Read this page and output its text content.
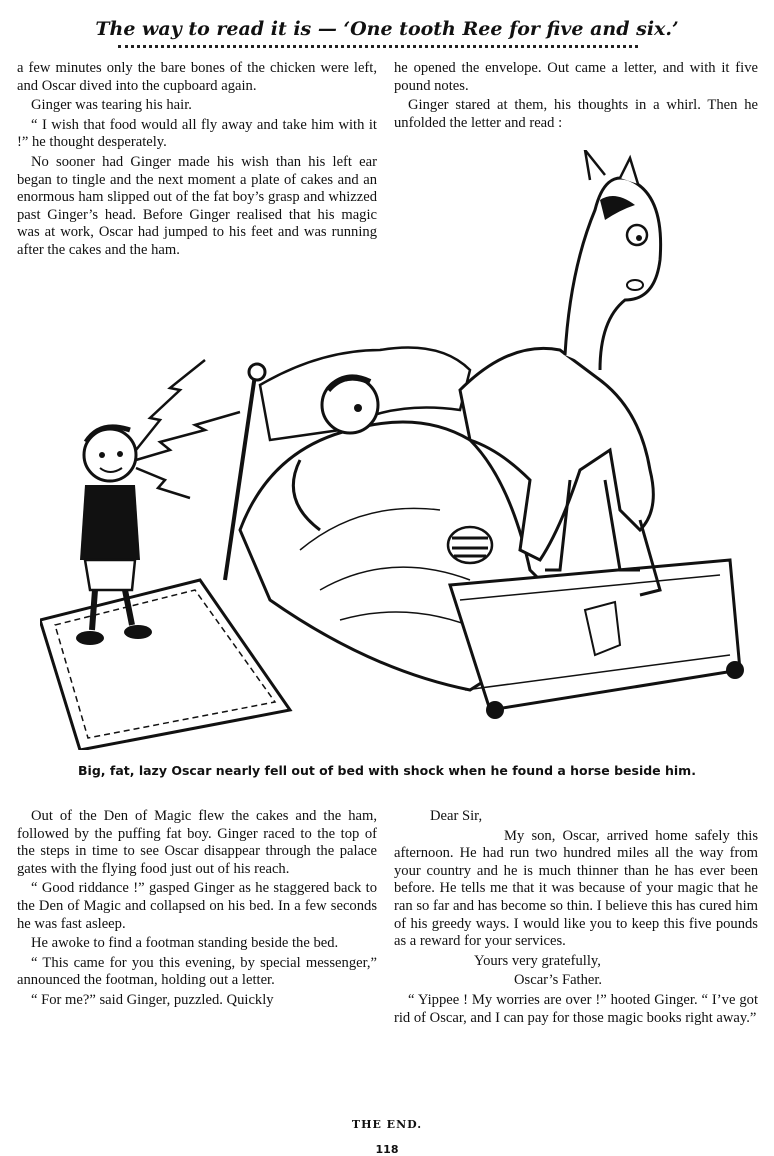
The way to read it is — ‘One tooth Ree for five and six.’

a few minutes only the bare bones of the chicken were left, and Oscar dived into the cupboard again.

Ginger was tearing his hair.

“ I wish that food would all fly away and take him with it !” he thought desperately.

No sooner had Ginger made his wish than his left ear began to tingle and the next moment a plate of cakes and an enormous ham slipped out of the fat boy’s grasp and whizzed past Ginger’s head. Before Ginger realised that his magic was at work, Oscar had jumped to his feet and was running after the cakes and the ham.

he opened the envelope. Out came a letter, and with it five pound notes.

Ginger stared at them, his thoughts in a whirl. Then he unfolded the letter and read :

Big, fat, lazy Oscar nearly fell out of bed with shock when he found a horse beside him.

Out of the Den of Magic flew the cakes and the ham, followed by the puffing fat boy. Ginger raced to the top of the steps in time to see Oscar disappear through the palace gates with the flying food just out of his reach.

“ Good riddance !” gasped Ginger as he staggered back to the Den of Magic and collapsed on his bed. In a few seconds he was fast asleep.

He awoke to find a footman standing beside the bed.

“ This came for you this evening, by special messenger,” announced the footman, holding out a letter.

“ For me?” said Ginger, puzzled. Quickly

Dear Sir,

My son, Oscar, arrived home safely this afternoon. He had run two hundred miles all the way from your country and he is much thinner than he has ever been before. He tells me that it was because of your magic that he ran so far and has become so thin. I believe this has cured him of his greedy ways. I would like you to keep this five pounds as a reward for your services.

Yours very gratefully,

Oscar’s Father.

“ Yippee ! My worries are over !” hooted Ginger. “ I’ve got rid of Oscar, and I can pay for those magic books right away.”

THE END.
118
